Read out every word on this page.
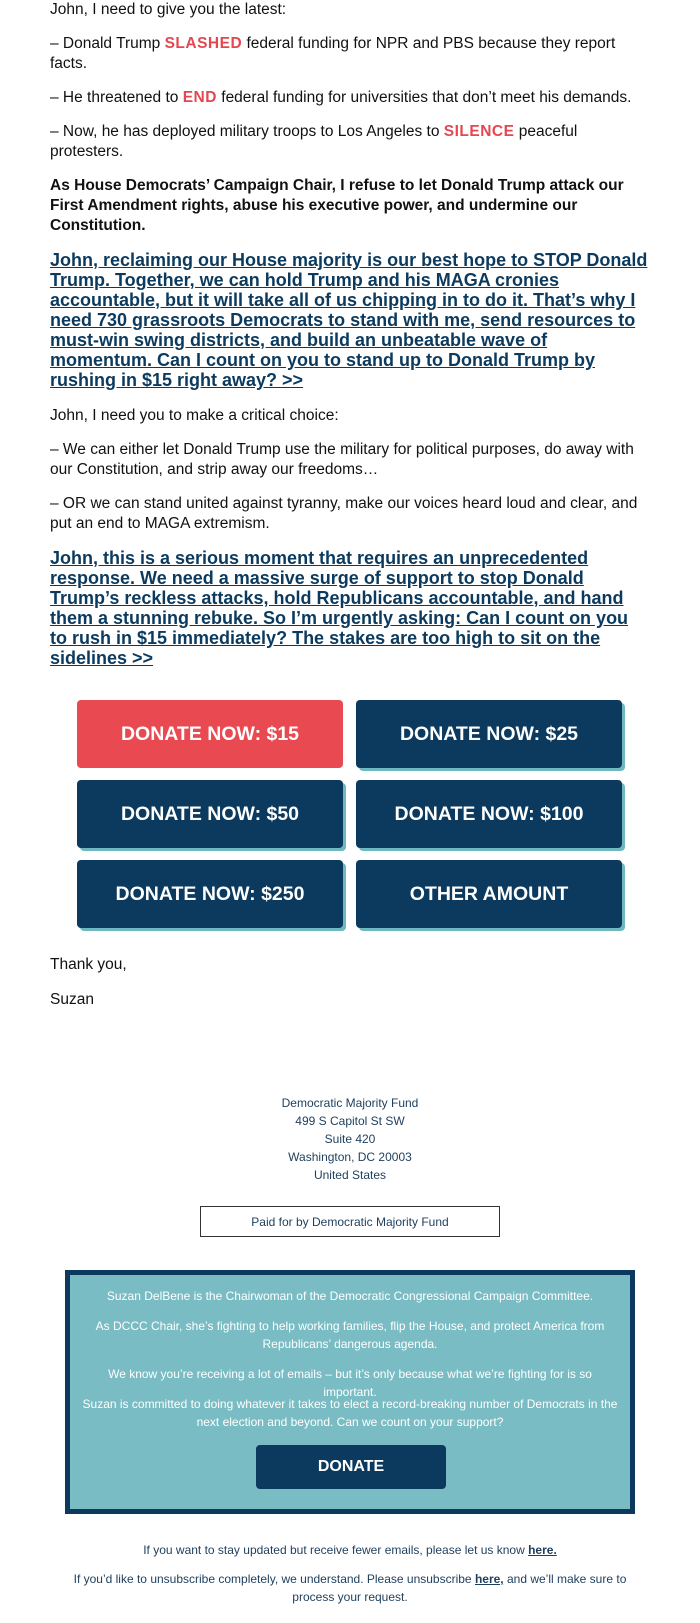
John, I need to give you the latest:

– Donald Trump SLASHED federal funding for NPR and PBS because they report facts.

– He threatened to END federal funding for universities that don’t meet his demands.

– Now, he has deployed military troops to Los Angeles to SILENCE peaceful protesters.

As House Democrats’ Campaign Chair, I refuse to let Donald Trump attack our First Amendment rights, abuse his executive power, and undermine our Constitution.

John, reclaiming our House majority is our best hope to STOP Donald Trump. Together, we can hold Trump and his MAGA cronies accountable, but it will take all of us chipping in to do it. That’s why I need 730 grassroots Democrats to stand with me, send resources to must-win swing districts, and build an unbeatable wave of momentum. Can I count on you to stand up to Donald Trump by rushing in $15 right away? >>

John, I need you to make a critical choice:

– We can either let Donald Trump use the military for political purposes, do away with our Constitution, and strip away our freedoms…

– OR we can stand united against tyranny, make our voices heard loud and clear, and put an end to MAGA extremism.

John, this is a serious moment that requires an unprecedented response. We need a massive surge of support to stop Donald Trump’s reckless attacks, hold Republicans accountable, and hand them a stunning rebuke. So I’m urgently asking: Can I count on you to rush in $15 immediately? The stakes are too high to sit on the sidelines >>
DONATE NOW: $15	DONATE NOW: $25
DONATE NOW: $50	DONATE NOW: $100
DONATE NOW: $250	OTHER AMOUNT
Thank you,
Suzan
Democratic Majority Fund
499 S Capitol St SW
Suite 420
Washington, DC 20003
United States
Paid for by Democratic Majority Fund

Suzan DelBene is the Chairwoman of the Democratic Congressional Campaign Committee.

As DCCC Chair, she’s fighting to help working families, flip the House, and protect America from Republicans’ dangerous agenda.

We know you’re receiving a lot of emails – but it’s only because what we’re fighting for is so important.

Suzan is committed to doing whatever it takes to elect a record-breaking number of Democrats in the next election and beyond. Can we count on your support?

DONATE
If you want to stay updated but receive fewer emails, please let us know here.
If you’d like to unsubscribe completely, we understand. Please unsubscribe here, and we’ll make sure to process your request.
